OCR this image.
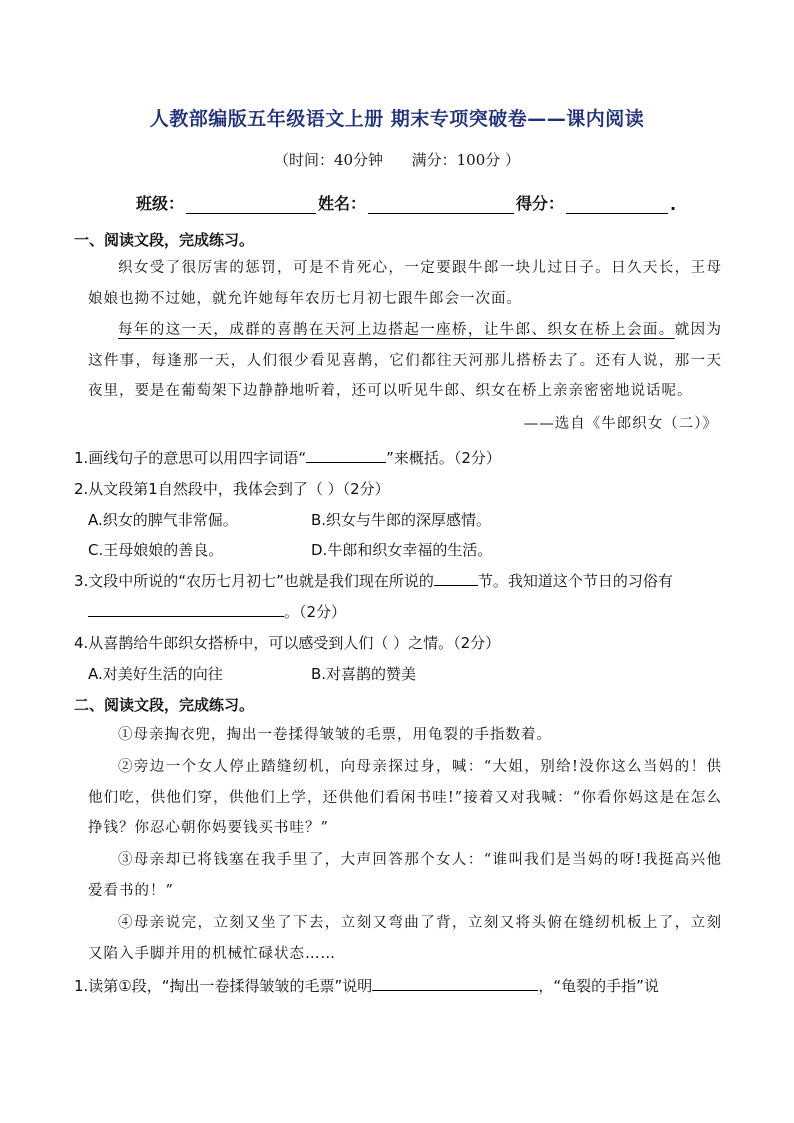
人教部编版五年级语文上册 期末专项突破卷——课内阅读
（时间：40分钟      满分：100分 ）
班级：	姓名：	得分：	.
一、阅读文段，完成练习。
织女受了很厉害的惩罚，可是不肯死心，一定要跟牛郎一块儿过日子。日久天长，王母娘娘也拗不过她，就允许她每年农历七月初七跟牛郎会一次面。
每年的这一天，成群的喜鹊在天河上边搭起一座桥，让牛郎、织女在桥上会面。就因为这件事，每逢那一天，人们很少看见喜鹊，它们都往天河那儿搭桥去了。还有人说，那一天夜里，要是在葡萄架下边静静地听着，还可以听见牛郎、织女在桥上亲亲密密地说话呢。
——选自《牛郎织女（二）》
1.画线句子的意思可以用四字词语“	”来概括。（2分）
2.从文段第1自然段中，我体会到了（ ）（2分）
A.织女的脾气非常倔。	B.织女与牛郎的深厚感情。
C.王母娘娘的善良。	D.牛郎和织女幸福的生活。
3.文段中所说的“农历七月初七”也就是我们现在所说的	节。我知道这个节日的习俗有
。（2分）
4.从喜鹊给牛郎织女搭桥中，可以感受到人们（ ）之情。（2分）
A.对美好生活的向往	B.对喜鹊的赞美
二、阅读文段，完成练习。
①母亲掏衣兜，掏出一卷揉得皱皱的毛票，用龟裂的手指数着。
②旁边一个女人停止踏缝纫机，向母亲探过身，喊：“大姐，别给!没你这么当妈的！供他们吃，供他们穿，供他们上学，还供他们看闲书哇!”接着又对我喊：“你看你妈这是在怎么挣钱？你忍心朝你妈要钱买书哇？”
③母亲却已将钱塞在我手里了，大声回答那个女人：“谁叫我们是当妈的呀!我挺高兴他爱看书的！”
④母亲说完，立刻又坐了下去，立刻又弯曲了背，立刻又将头俯在缝纫机板上了，立刻又陷入手脚并用的机械忙碌状态……
1.读第①段，“掏出一卷揉得皱皱的毛票”说明	，“龟裂的手指”说
